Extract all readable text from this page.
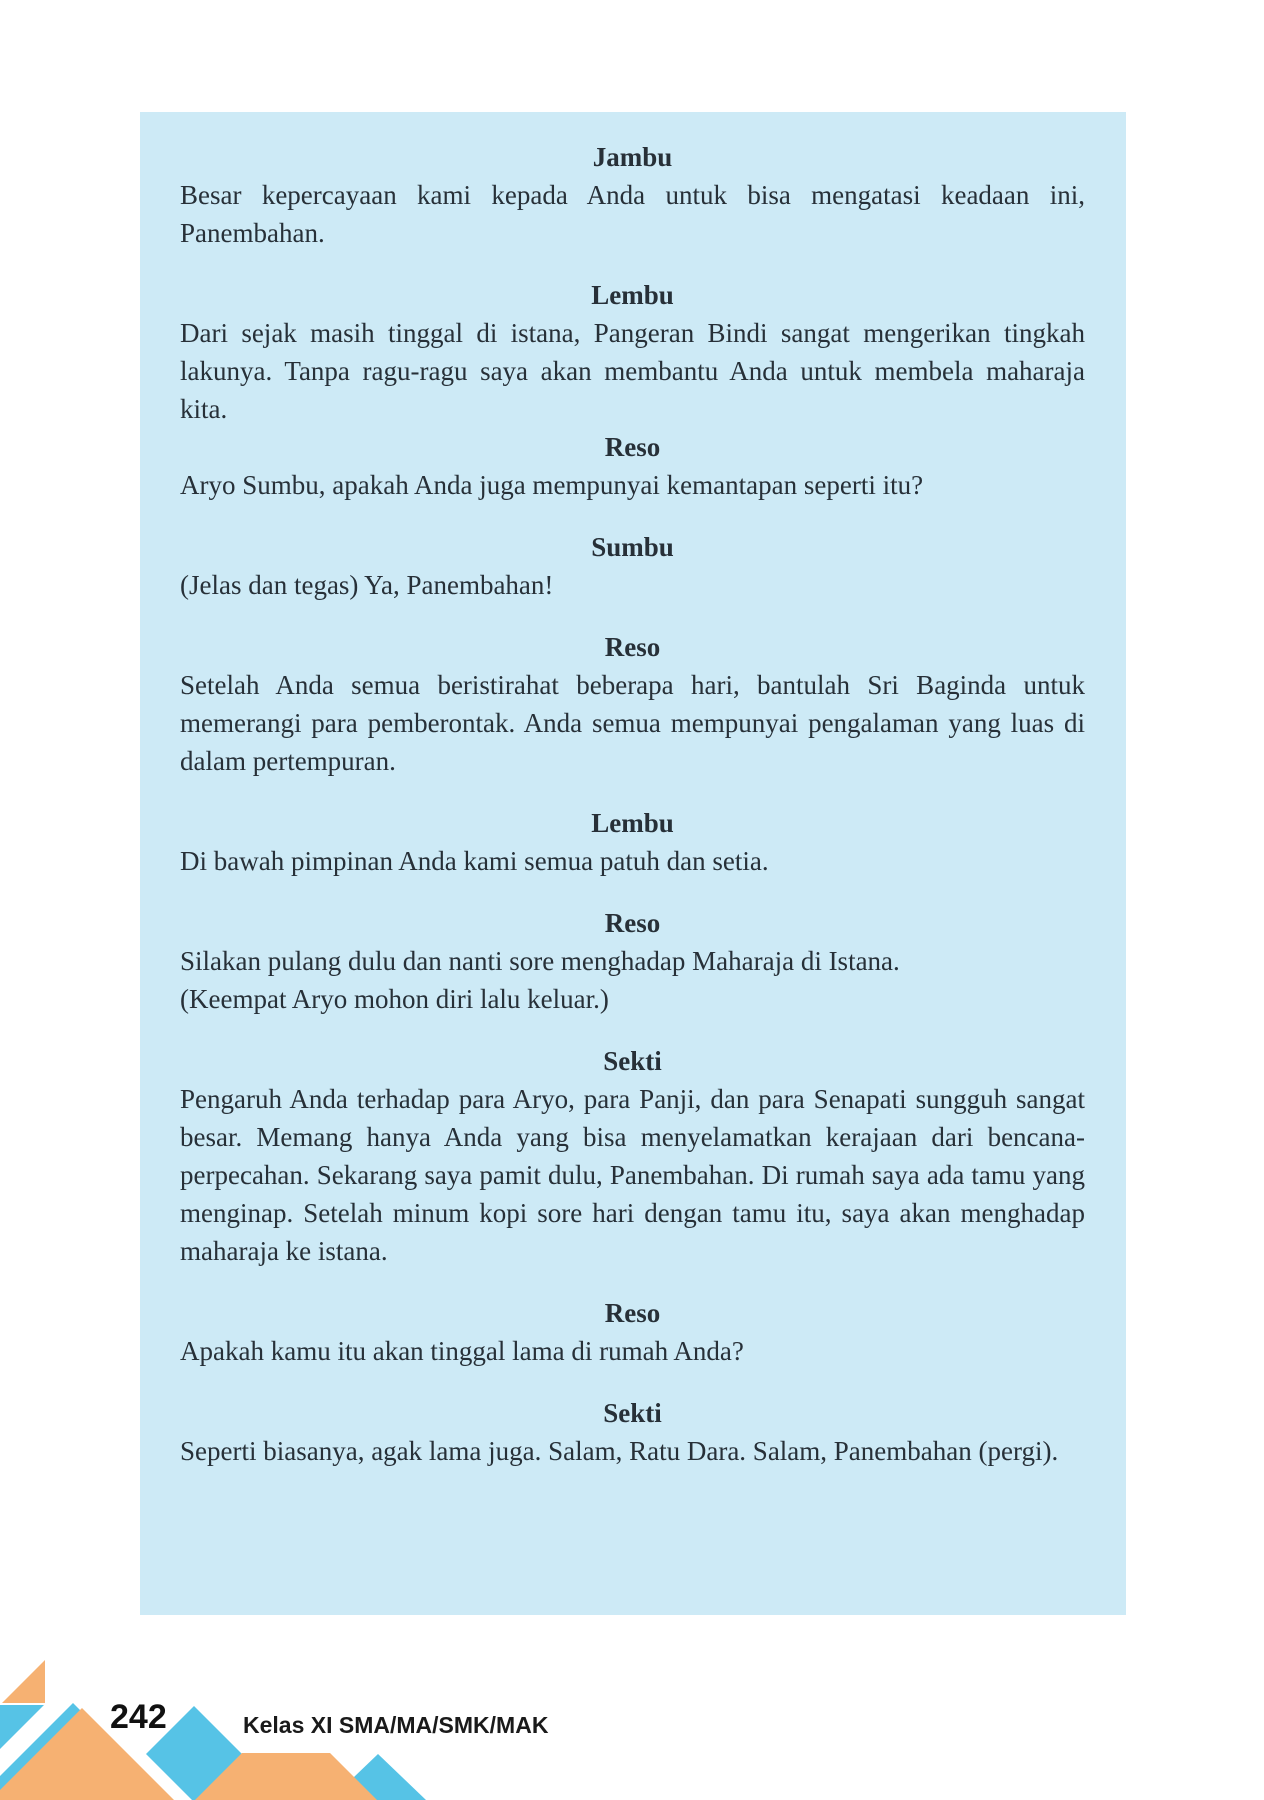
Jambu

Besar kepercayaan kami kepada Anda untuk bisa mengatasi keadaan ini, Panembahan.

Lembu

Dari sejak masih tinggal di istana, Pangeran Bindi sangat mengerikan tingkah lakunya. Tanpa ragu-ragu saya akan membantu Anda untuk membela maharaja kita.

Reso

Aryo Sumbu, apakah Anda juga mempunyai kemantapan seperti itu?

Sumbu

(Jelas dan tegas) Ya, Panembahan!

Reso

Setelah Anda semua beristirahat beberapa hari, bantulah Sri Baginda untuk memerangi para pemberontak. Anda semua mempunyai pengalaman yang luas di dalam pertempuran.

Lembu

Di bawah pimpinan Anda kami semua patuh dan setia.

Reso

Silakan pulang dulu dan nanti sore menghadap Maharaja di Istana.
(Keempat Aryo mohon diri lalu keluar.)

Sekti

Pengaruh Anda terhadap para Aryo, para Panji, dan para Senapati sungguh sangat besar. Memang hanya Anda yang bisa menyelamatkan kerajaan dari bencana-perpecahan. Sekarang saya pamit dulu, Panembahan. Di rumah saya ada tamu yang menginap. Setelah minum kopi sore hari dengan tamu itu, saya akan menghadap maharaja ke istana.

Reso

Apakah kamu itu akan tinggal lama di rumah Anda?

Sekti

Seperti biasanya, agak lama juga. Salam, Ratu Dara. Salam, Panembahan (pergi).

242	Kelas XI SMA/MA/SMK/MAK
